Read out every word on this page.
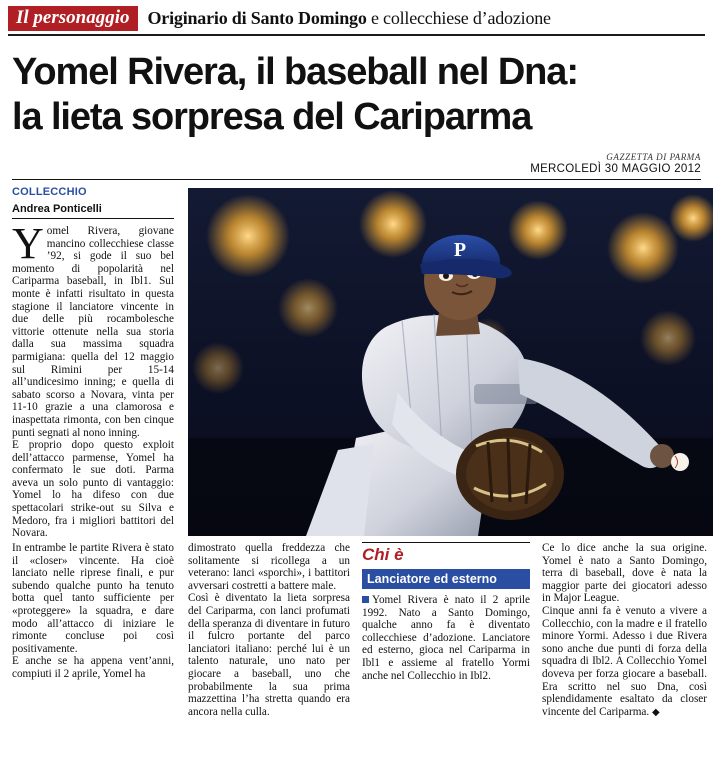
Il personaggio	Originario di Santo Domingo e collecchiese d’adozione
Yomel Rivera, il baseball nel Dna:
la lieta sorpresa del Cariparma
GAZZETTA DI PARMA
MERCOLEDÌ 30 MAGGIO 2012
COLLECCHIO
Andrea Ponticelli

Yomel Rivera, giovane mancino collecchiese classe ’92, si gode il suo bel momento di popolarità nel Cariparma baseball, in Ibl1. Sul monte è infatti risultato in questa stagione il lanciatore vincente in due delle più rocambolesche vittorie ottenute nella sua storia dalla sua massima squadra parmigiana: quella del 12 maggio sul Rimini per 15-14 all’undicesimo inning; e quella di sabato scorso a Novara, vinta per 11-10 grazie a una clamorosa e inaspettata rimonta, con ben cinque punti segnati al nono inning.

E proprio dopo questo exploit dell’attacco parmense, Yomel ha confermato le sue doti. Parma aveva un solo punto di vantaggio: Yomel lo ha difeso con due spettacolari strike-out su Silva e Medoro, fra i migliori battitori del Novara.

P

In entrambe le partite Rivera è stato il «closer» vincente. Ha cioè lanciato nelle riprese finali, e pur subendo qualche punto ha tenuto botta quel tanto sufficiente per «proteggere» la squadra, e dare modo all’attacco di iniziare le rimonte concluse poi così positivamente.

E anche se ha appena vent’anni, compiuti il 2 aprile, Yomel ha

dimostrato quella freddezza che solitamente si ricollega a un veterano: lanci «sporchi», i battitori avversari costretti a battere male.

Così è diventato la lieta sorpresa del Cariparma, con lanci profumati della speranza di diventare in futuro il fulcro portante del parco lanciatori italiano: perché lui è un talento naturale, uno nato per giocare a baseball, uno che probabilmente la sua prima mazzettina l’ha stretta quando era ancora nella culla.

Chi è
Lanciatore ed esterno

Yomel Rivera è nato il 2 aprile 1992. Nato a Santo Domingo, qualche anno fa è diventato collecchiese d’adozione. Lanciatore ed esterno, gioca nel Cariparma in Ibl1 e assieme al fratello Yormi anche nel Collecchio in Ibl2.

Ce lo dice anche la sua origine. Yomel è nato a Santo Domingo, terra di baseball, dove è nata la maggior parte dei giocatori adesso in Major League.

Cinque anni fa è venuto a vivere a Collecchio, con la madre e il fratello minore Yormi. Adesso i due Rivera sono anche due punti di forza della squadra di Ibl2. A Collecchio Yomel doveva per forza giocare a baseball. Era scritto nel suo Dna, così splendidamente esaltato da closer vincente del Cariparma. ◆
